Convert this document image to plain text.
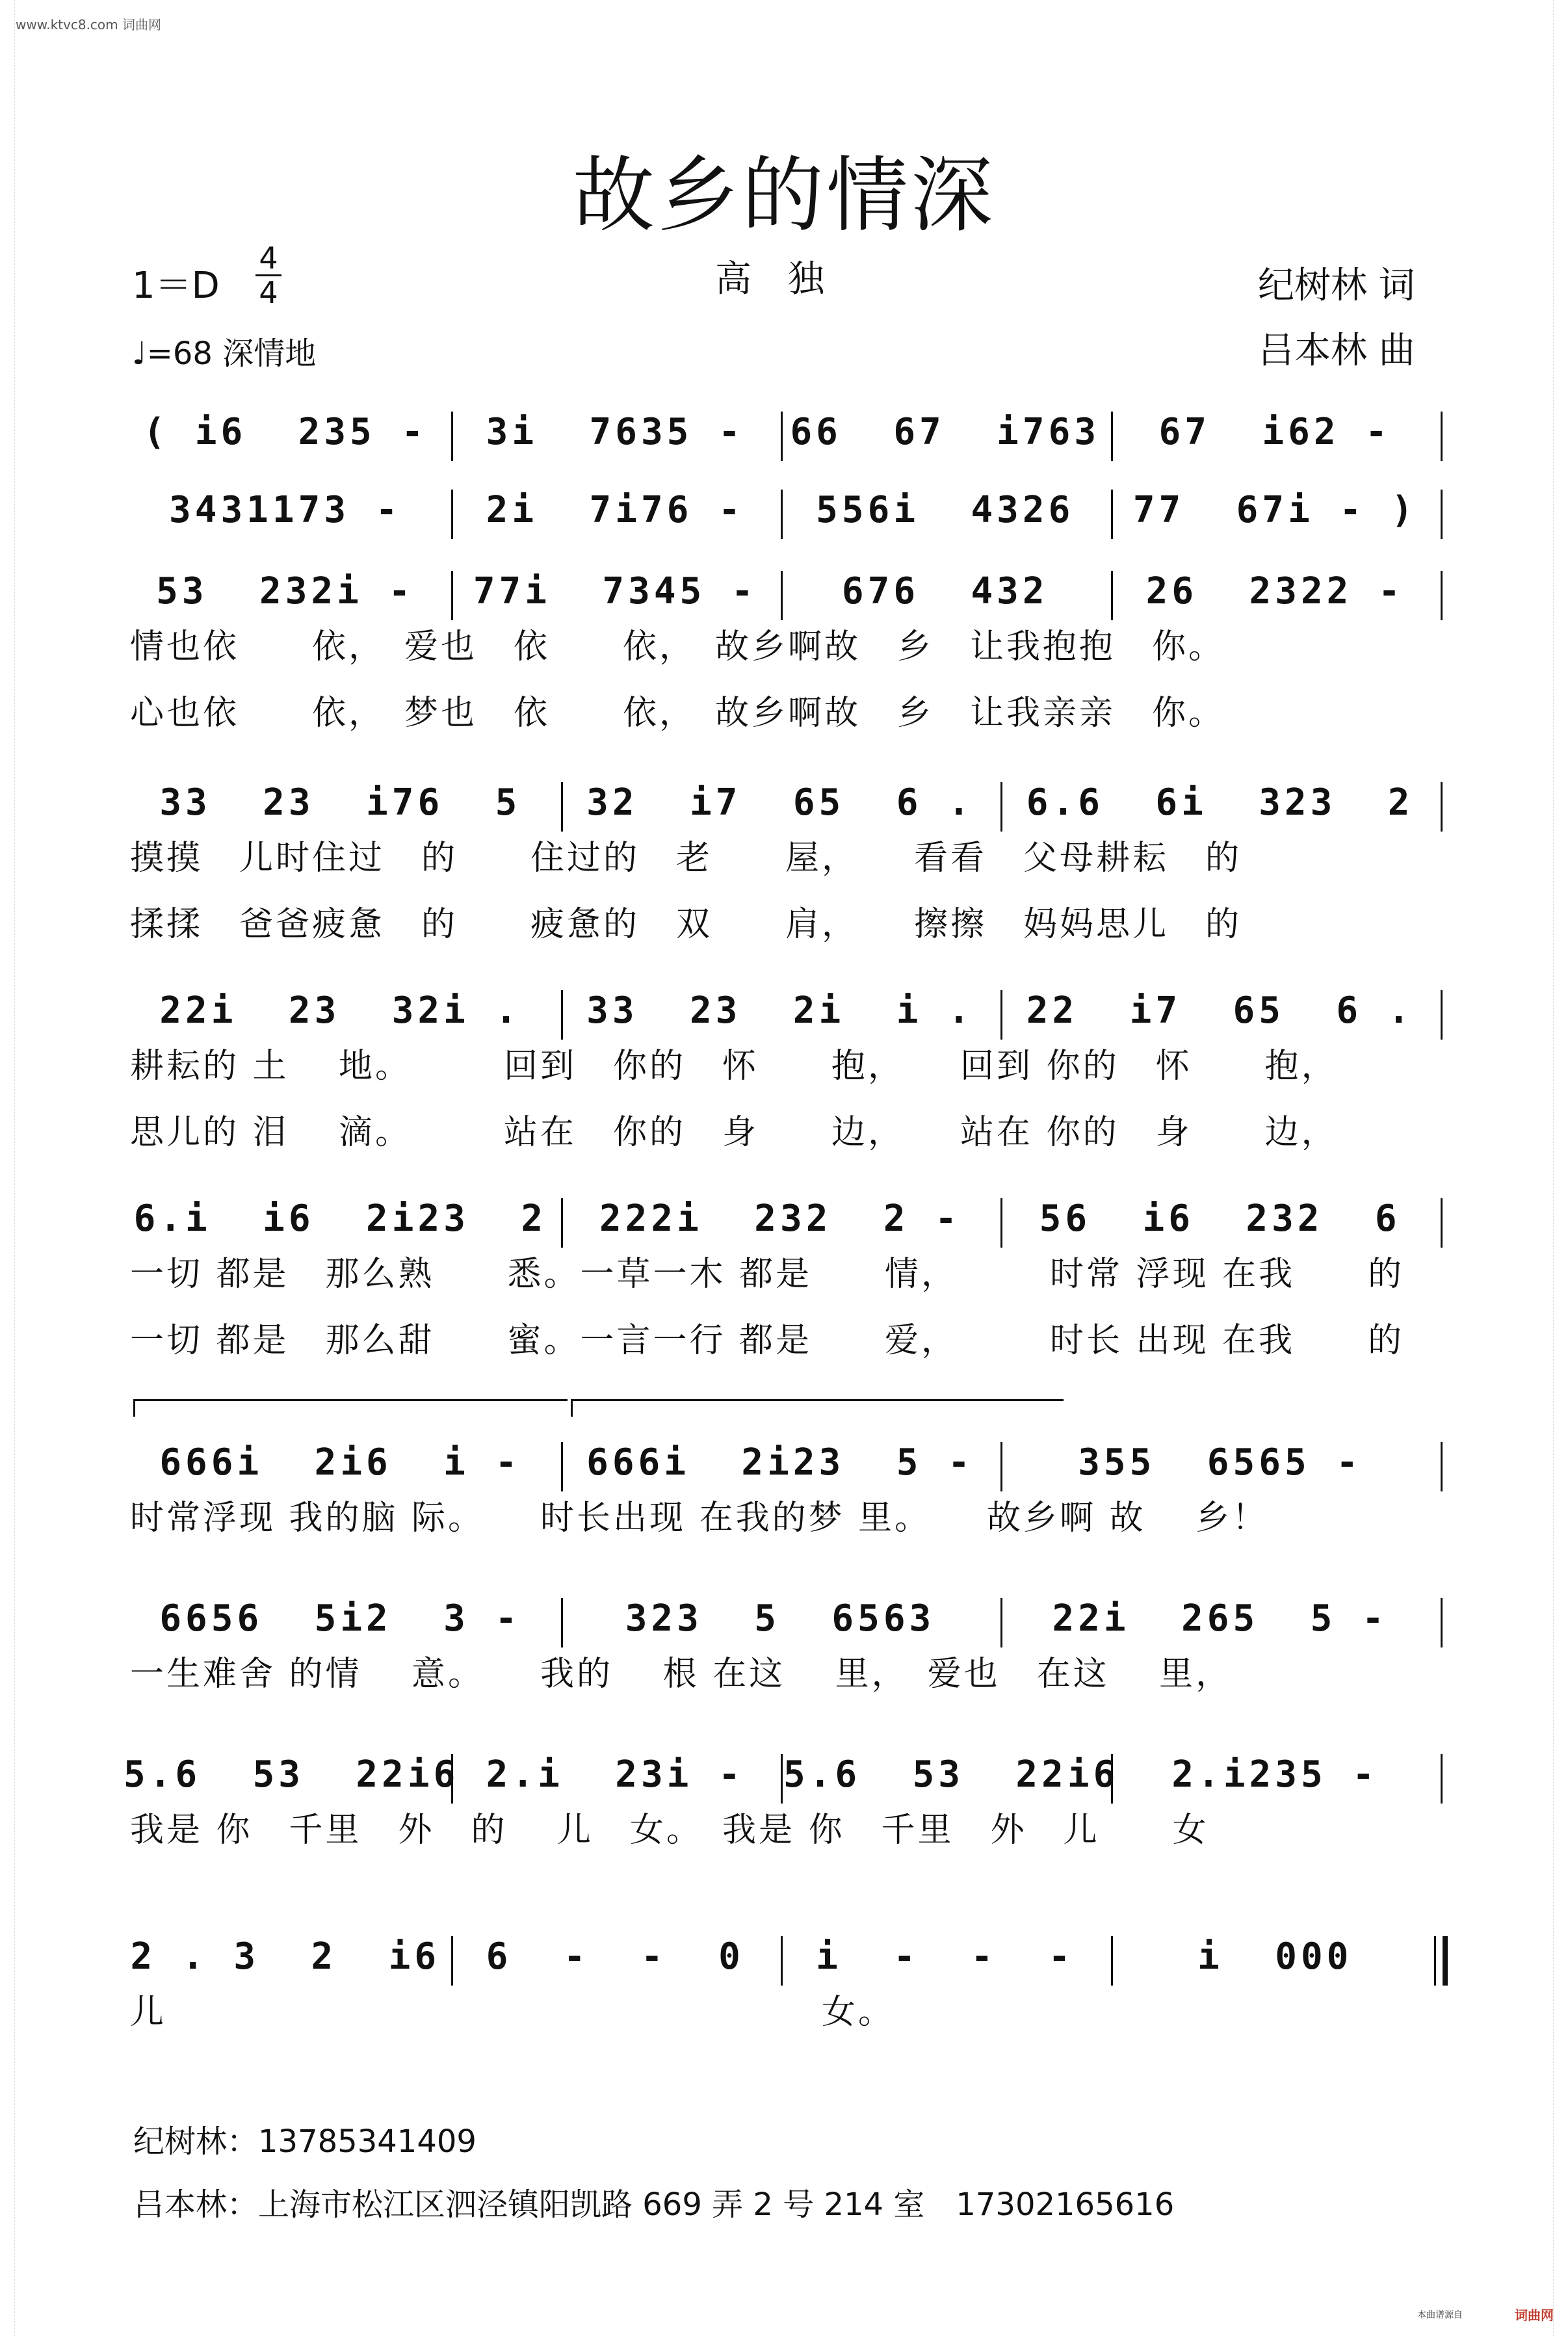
www.ktvc8.com 词曲网
故乡的情深
1＝D
4
4	高　独	纪树林 词
吕本林 曲
♩=68 深情地
( i6  235 -	3i  7635 -	66  67  i763	67  i62 -
3431173 -	2i  7i76 -	556i  4326	77  67i - )
53  232i -	77i  7345 -	676  432	26  2322 -
情也依　　依，　爱也　依　　依，　故乡啊故　乡　让我抱抱　你。
心也依　　依，　梦也　依　　依，　故乡啊故　乡　让我亲亲　你。
33  23  i76  5	32  i7  65  6 .	6.6  6i  323  2
摸摸　儿时住过　的　　住过的　老　　屋，　　看看　父母耕耘　的
揉揉　爸爸疲惫　的　　疲惫的　双　　肩，　　擦擦　妈妈思儿　的
22i  23  32i .	33  23  2i  i .	22  i7  65  6 .
耕耘的 土　 地。　　　回到　你的　怀　　抱，　　回到 你的　怀　　抱，
思儿的 泪　 滴。　　　站在　你的　身　　边，　　站在 你的　身　　边，
6.i  i6  2i23  2	222i  232  2 -	56  i6  232  6
一切 都是　那么熟　　悉。一草一木 都是　　情，　　　时常 浮现 在我　　的
一切 都是　那么甜　　蜜。一言一行 都是　　爱，　　　时长 出现 在我　　的
666i  2i6  i -	666i  2i23  5 -	355  6565 -
时常浮现 我的脑 际。　　时长出现 在我的梦 里。　　故乡啊 故　 乡！
6656  5i2  3 -	323  5  6563	22i  265  5 -
一生难舍 的情　 意。　　我的　 根 在这　 里，　爱也　在这　 里，
5.6  53  22i6 2.i  23i -	5.6  53  22i6	2.i235 -
我是 你　千里　外　的　 儿　女。　我是 你　千里　外　儿　　女
2 . 3  2  i6	6  -  -  0	i  -  -  -	i  000
儿　　　　　　　　　　　　　　　　　　女。
纪树林：13785341409
吕本林：上海市松江区泗泾镇阳凯路 669 弄 2 号 214 室　17302165616
本曲谱源自	词曲网
